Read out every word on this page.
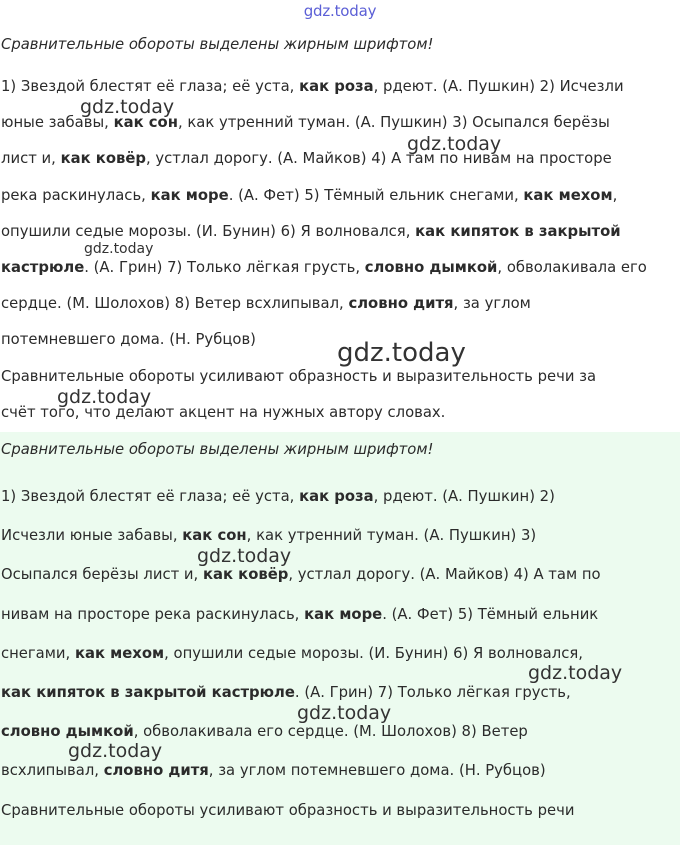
gdz.today

Сравнительные обороты выделены жирным шрифтом!

1) Звездой блестят её глаза; её уста, как роза, рдеют. (А. Пушкин) 2) Исчезли
юные забавы, как сон, как утренний туман. (А. Пушкин) 3) Осыпался берёзы
лист и, как ковёр, устлал дорогу. (А. Майков) 4) А там по нивам на просторе
река раскинулась, как море. (А. Фет) 5) Тёмный ельник снегами, как мехом,
опушили седые морозы. (И. Бунин) 6) Я волновался, как кипяток в закрытой
кастрюле. (А. Грин) 7) Только лёгкая грусть, словно дымкой, обволакивала его
сердце. (М. Шолохов) 8) Ветер всхлипывал, словно дитя, за углом
потемневшего дома. (Н. Рубцов)
Сравнительные обороты усиливают образность и выразительность речи за
счёт того, что делают акцент на нужных автору словах.

Сравнительные обороты выделены жирным шрифтом!

1) Звездой блестят её глаза; её уста, как роза, рдеют. (А. Пушкин) 2)
Исчезли юные забавы, как сон, как утренний туман. (А. Пушкин) 3)
Осыпался берёзы лист и, как ковёр, устлал дорогу. (А. Майков) 4) А там по
нивам на просторе река раскинулась, как море. (А. Фет) 5) Тёмный ельник
снегами, как мехом, опушили седые морозы. (И. Бунин) 6) Я волновался,
как кипяток в закрытой кастрюле. (А. Грин) 7) Только лёгкая грусть,
словно дымкой, обволакивала его сердце. (М. Шолохов) 8) Ветер
всхлипывал, словно дитя, за углом потемневшего дома. (Н. Рубцов)
Сравнительные обороты усиливают образность и выразительность речи
gdz.today
gdz.today
gdz.today
gdz.today
gdz.today
gdz.today
gdz.today
gdz.today
gdz.today
